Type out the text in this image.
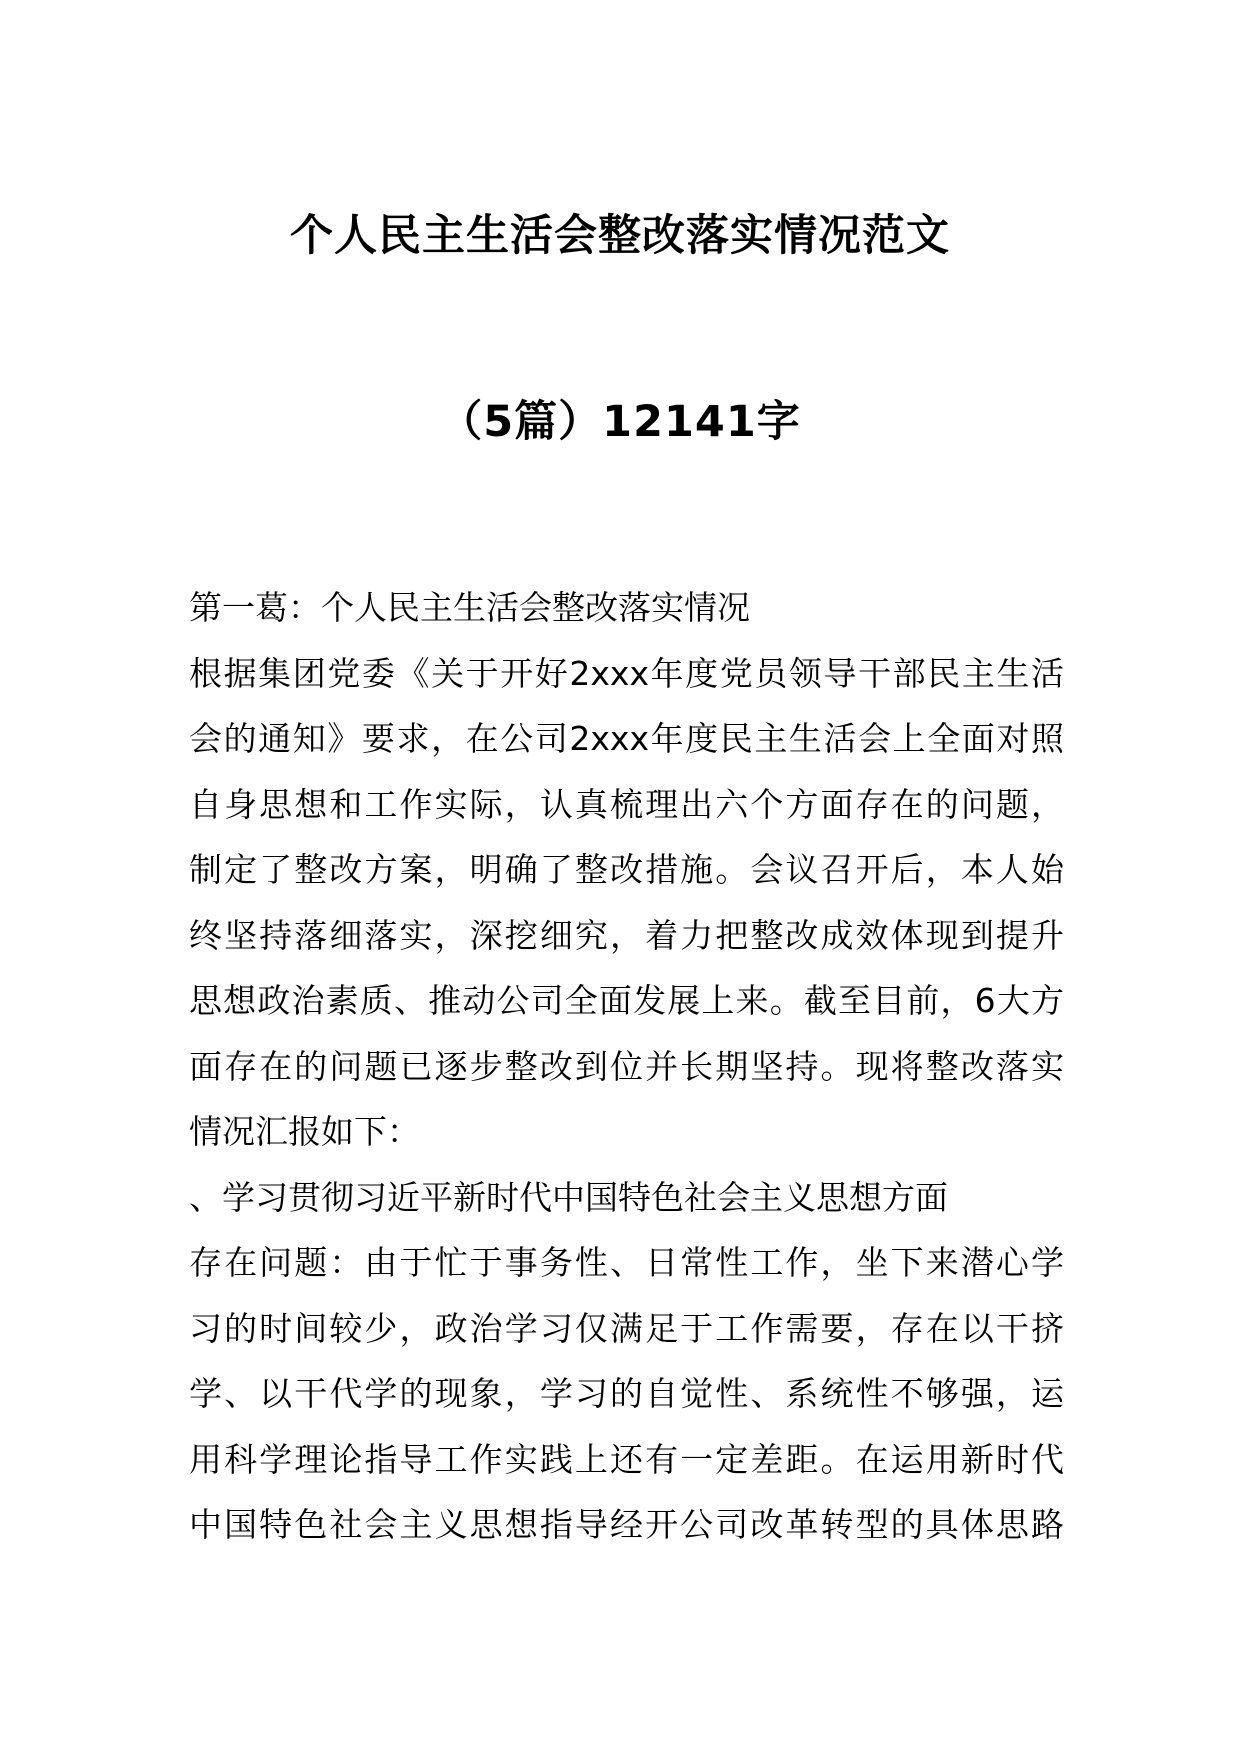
个人民主生活会整改落实情况范文
（5篇）12141字
第一葛：个人民主生活会整改落实情况
根据集团党委《关于开好2xxx年度党员领导干部民主生活
会的通知》要求，在公司2xxx年度民主生活会上全面对照
自身思想和工作实际，认真梳理出六个方面存在的问题，
制定了整改方案，明确了整改措施。会议召开后，本人始
终坚持落细落实，深挖细究，着力把整改成效体现到提升
思想政治素质、推动公司全面发展上来。截至目前，6大方
面存在的问题已逐步整改到位并长期坚持。现将整改落实
情况汇报如下：
、学习贯彻习近平新时代中国特色社会主义思想方面
存在问题：由于忙于事务性、日常性工作，坐下来潜心学
习的时间较少，政治学习仅满足于工作需要，存在以干挤
学、以干代学的现象，学习的自觉性、系统性不够强，运
用科学理论指导工作实践上还有一定差距。在运用新时代
中国特色社会主义思想指导经开公司改革转型的具体思路
